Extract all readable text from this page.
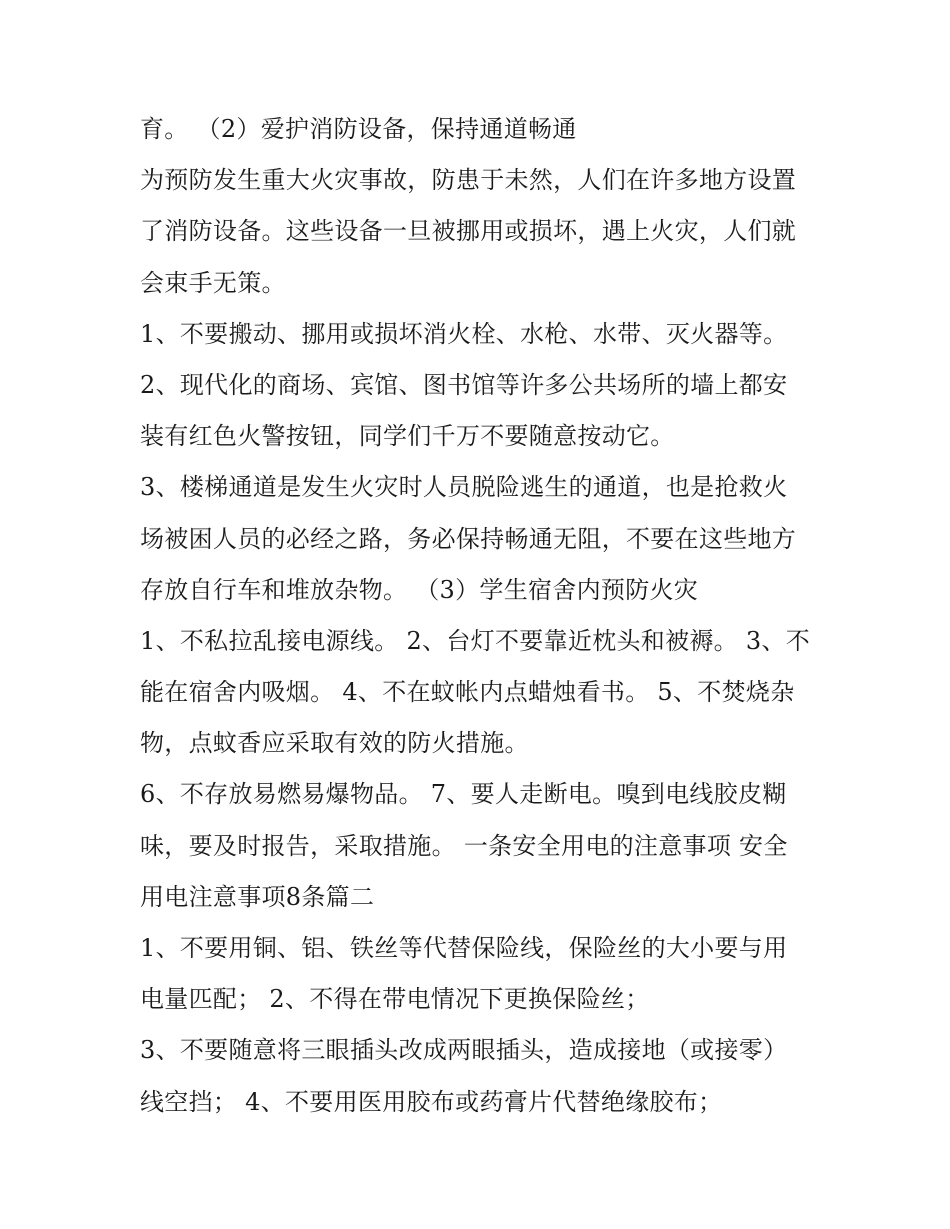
育。 （2）爱护消防设备，保持通道畅通
为预防发生重大火灾事故，防患于未然，人们在许多地方设置
了消防设备。这些设备一旦被挪用或损坏，遇上火灾，人们就
会束手无策。
1、不要搬动、挪用或损坏消火栓、水枪、水带、灭火器等。
2、现代化的商场、宾馆、图书馆等许多公共场所的墙上都安
装有红色火警按钮，同学们千万不要随意按动它。
3、楼梯通道是发生火灾时人员脱险逃生的通道，也是抢救火
场被困人员的必经之路，务必保持畅通无阻，不要在这些地方
存放自行车和堆放杂物。 （3）学生宿舍内预防火灾
1、不私拉乱接电源线。 2、台灯不要靠近枕头和被褥。 3、不
能在宿舍内吸烟。 4、不在蚊帐内点蜡烛看书。 5、不焚烧杂
物，点蚊香应采取有效的防火措施。
6、不存放易燃易爆物品。 7、要人走断电。嗅到电线胶皮糊
味，要及时报告，采取措施。 一条安全用电的注意事项 安全
用电注意事项8条篇二
1、不要用铜、铝、铁丝等代替保险线，保险丝的大小要与用
电量匹配； 2、不得在带电情况下更换保险丝；
3、不要随意将三眼插头改成两眼插头，造成接地（或接零）
线空挡； 4、不要用医用胶布或药膏片代替绝缘胶布；
